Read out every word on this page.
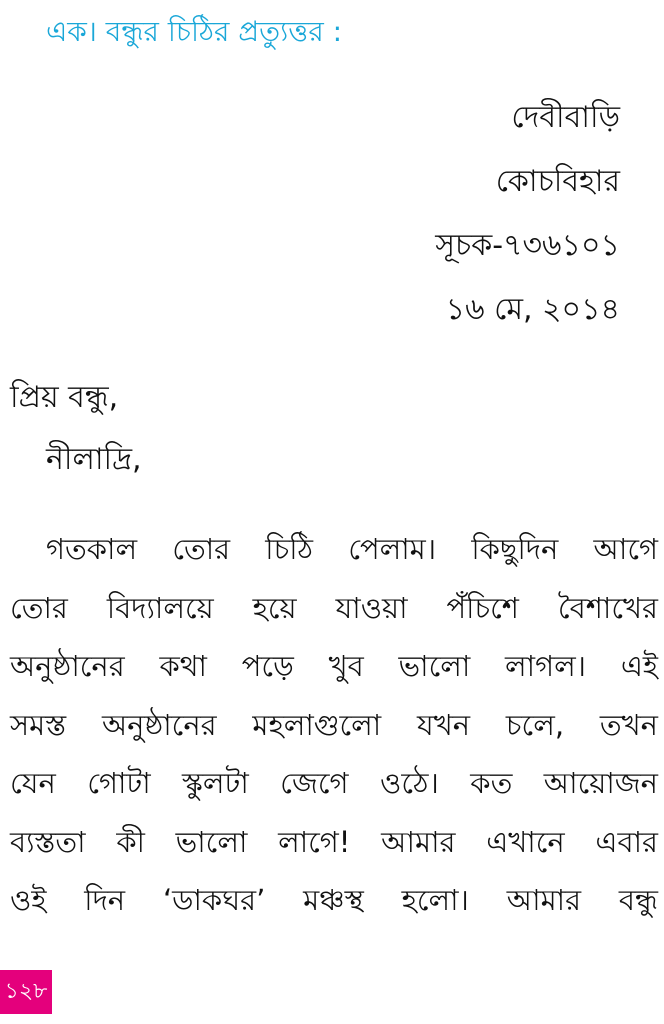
এক। বন্ধুর চিঠির প্রত্যুত্তর :
দেবীবাড়ি
কোচবিহার
সূচক-৭৩৬১০১
১৬ মে, ২০১৪
প্রিয় বন্ধু,
নীলাদ্রি,
গতকাল তোর চিঠি পেলাম। কিছুদিন আগে
তোর বিদ্যালয়ে হয়ে যাওয়া পঁচিশে বৈশাখের
অনুষ্ঠানের কথা পড়ে খুব ভালো লাগল। এই
সমস্ত অনুষ্ঠানের মহলাগুলো যখন চলে, তখন
যেন গোটা স্কুলটা জেগে ওঠে। কত আয়োজন
ব্যস্ততা কী ভালো লাগে! আমার এখানে এবার
ওই দিন ‘ডাকঘর’ মঞ্চস্থ হলো। আমার বন্ধু
১২৮
